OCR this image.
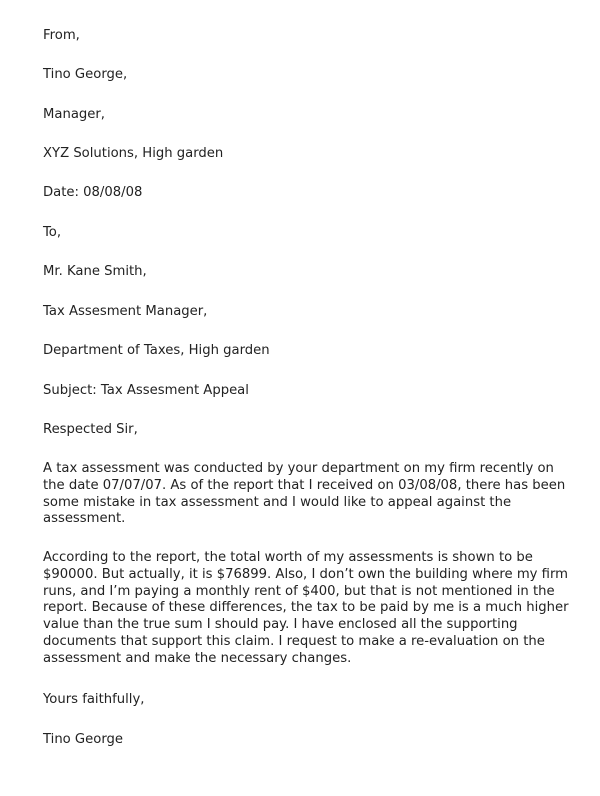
From,

Tino George,

Manager,

XYZ Solutions, High garden

Date: 08/08/08

To,

Mr. Kane Smith,

Tax Assesment Manager,

Department of Taxes, High garden

Subject: Tax Assesment Appeal

Respected Sir,

A tax assessment was conducted by your department on my firm recently on
the date 07/07/07. As of the report that I received on 03/08/08, there has been
some mistake in tax assessment and I would like to appeal against the
assessment.
According to the report, the total worth of my assessments is shown to be
$90000. But actually, it is $76899. Also, I don’t own the building where my firm
runs, and I’m paying a monthly rent of $400, but that is not mentioned in the
report. Because of these differences, the tax to be paid by me is a much higher
value than the true sum I should pay. I have enclosed all the supporting
documents that support this claim. I request to make a re-evaluation on the
assessment and make the necessary changes.

Yours faithfully,

Tino George
